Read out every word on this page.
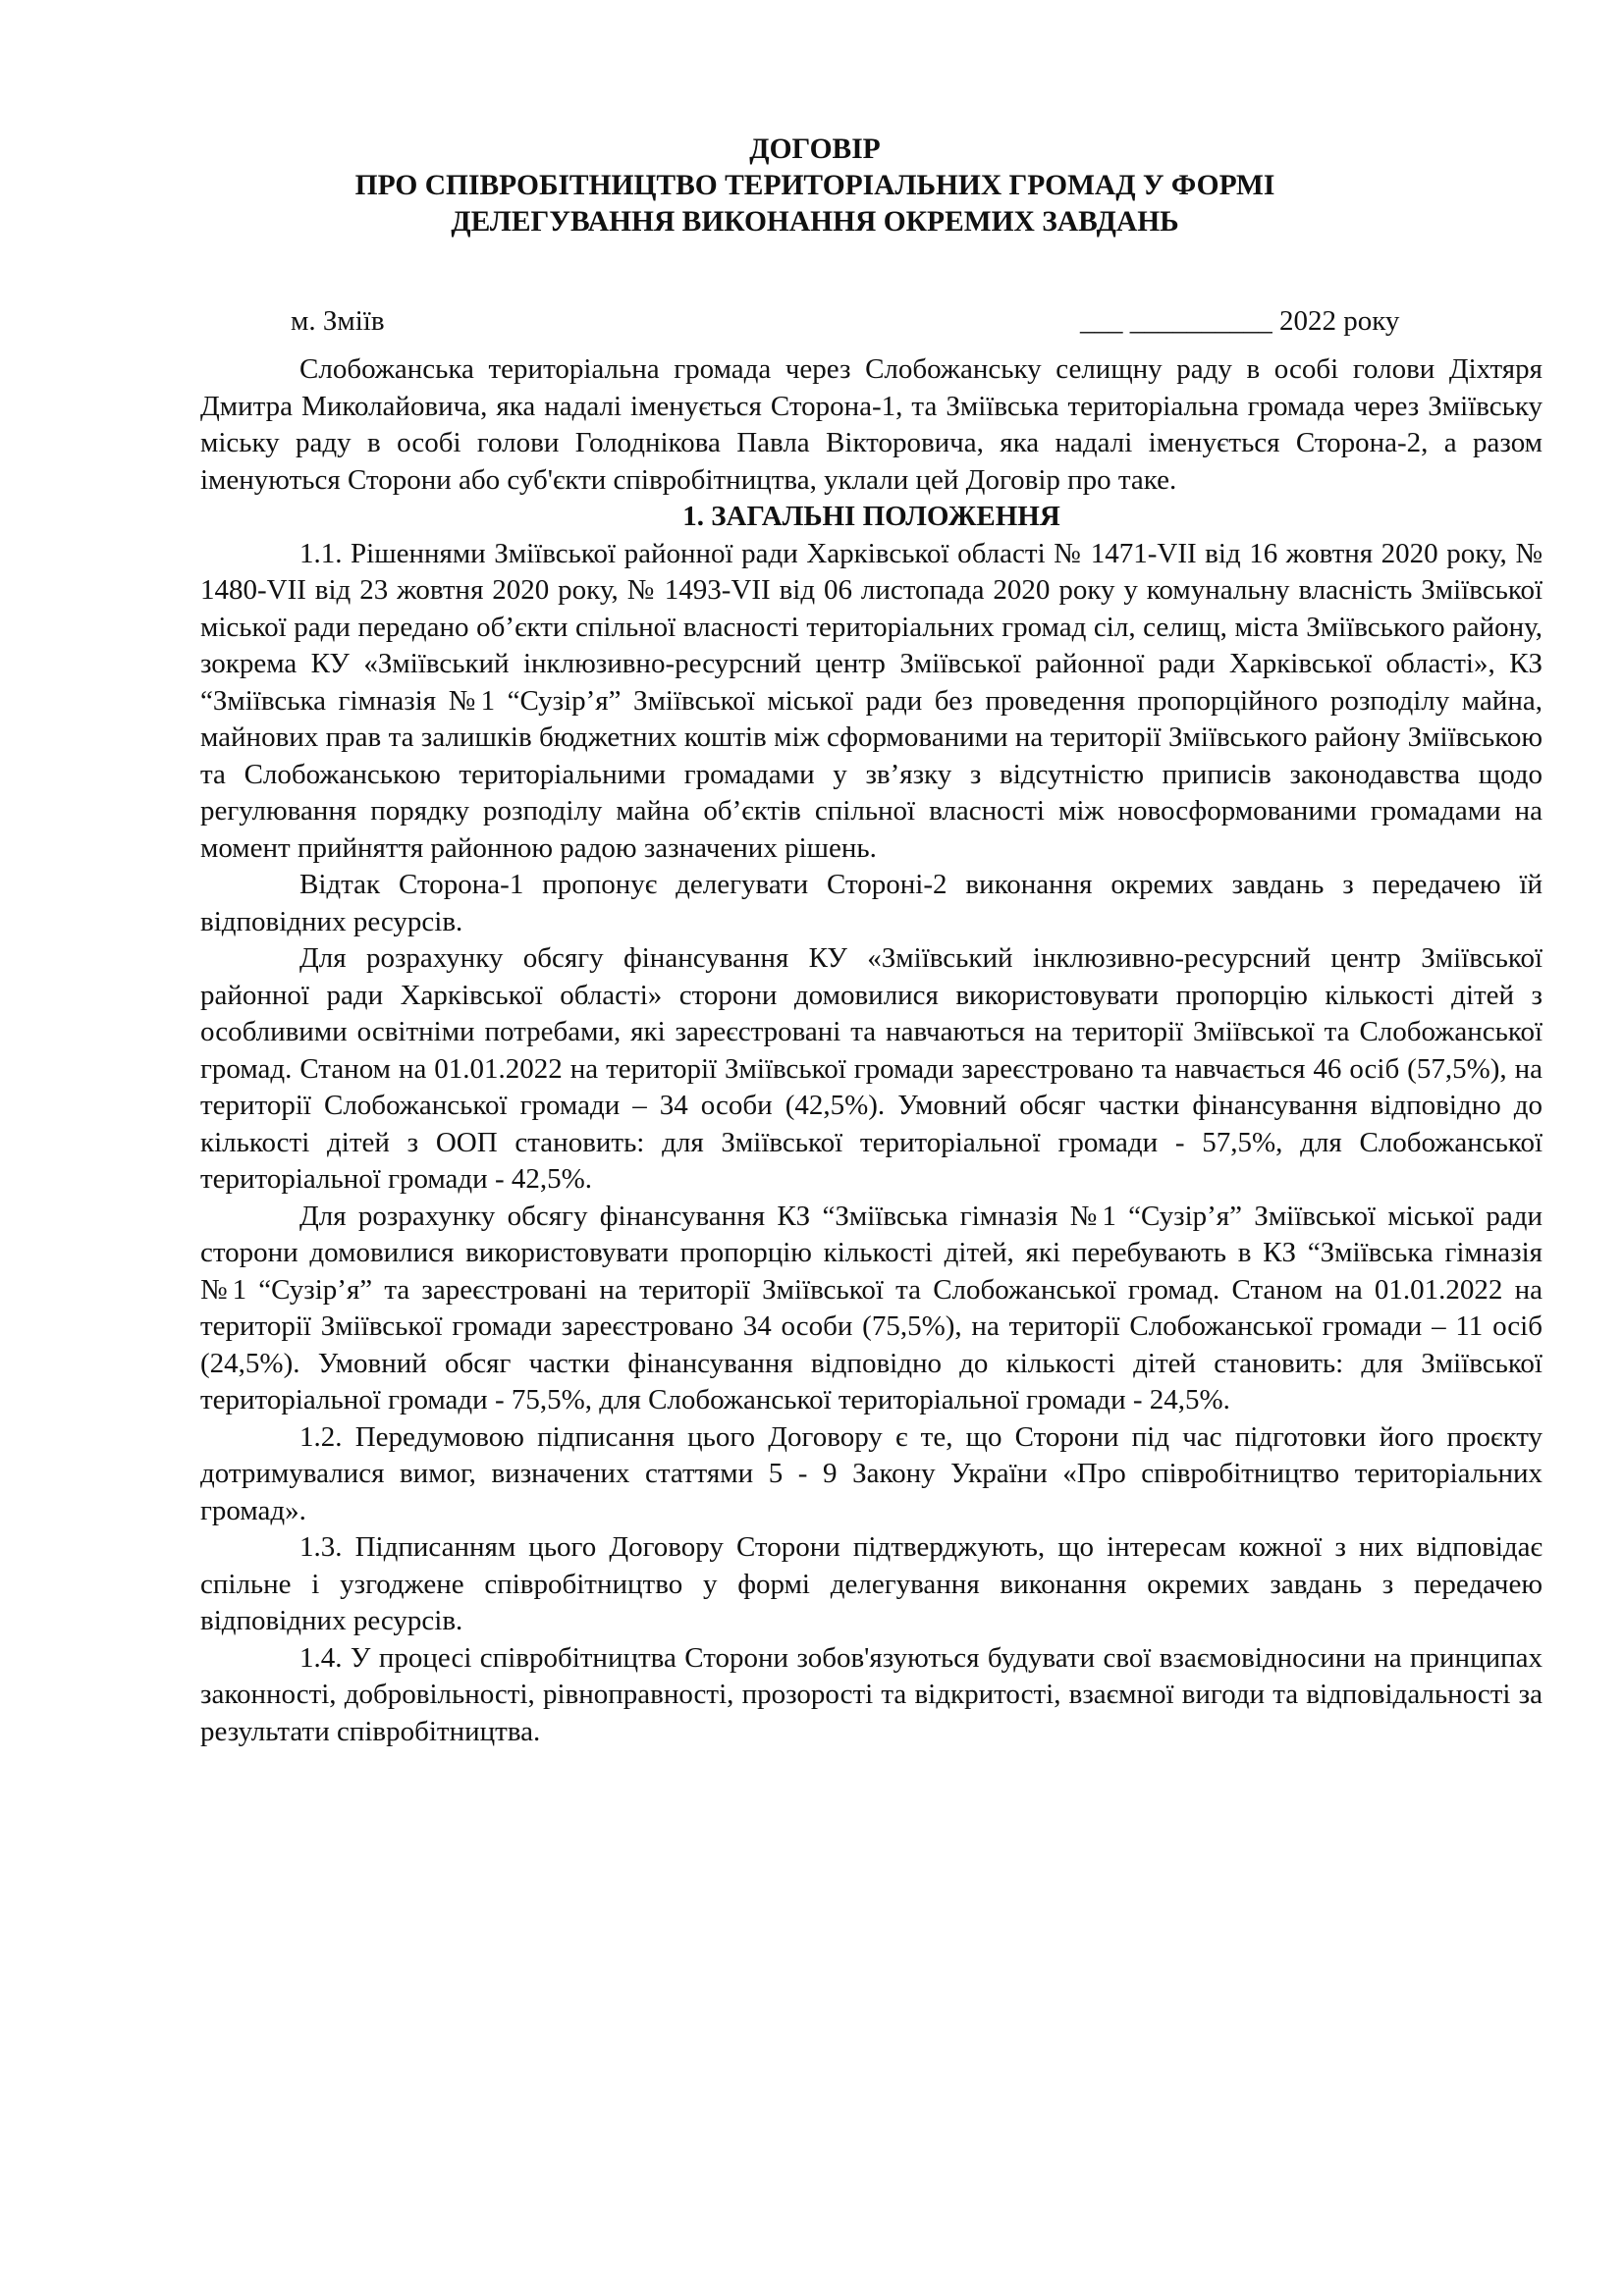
ДОГОВІР
ПРО СПІВРОБІТНИЦТВО ТЕРИТОРІАЛЬНИХ ГРОМАД У ФОРМІ
ДЕЛЕГУВАННЯ ВИКОНАННЯ ОКРЕМИХ ЗАВДАНЬ
м. Зміїв	___ __________ 2022 року

Слобожанська територіальна громада через Слобожанську селищну раду в особі голови Діхтяря Дмитра Миколайовича, яка надалі іменується Сторона-1, та Зміївська територіальна громада через Зміївську міську раду в особі голови Голоднікова Павла Вікторовича, яка надалі іменується Сторона-2, а разом іменуються Сторони або суб'єкти співробітництва, уклали цей Договір про таке.

1. ЗАГАЛЬНІ ПОЛОЖЕННЯ

1.1. Рішеннями Зміївської районної ради Харківської області № 1471-VII від 16 жовтня 2020 року, № 1480-VII від 23 жовтня 2020 року, № 1493-VII від 06 листопада 2020 року у комунальну власність Зміївської міської ради передано об’єкти спільної власності територіальних громад сіл, селищ, міста Зміївського району, зокрема КУ «Зміївський інклюзивно-ресурсний центр Зміївської районної ради Харківської області», КЗ “Зміївська гімназія №1 “Сузір’я” Зміївської міської ради без проведення пропорційного розподілу майна, майнових прав та залишків бюджетних коштів між сформованими на території Зміївського району Зміївською та Слобожанською територіальними громадами у зв’язку з відсутністю приписів законодавства щодо регулювання порядку розподілу майна об’єктів спільної власності між новосформованими громадами на момент прийняття районною радою зазначених рішень.

Відтак Сторона-1 пропонує делегувати Стороні-2 виконання окремих завдань з передачею їй відповідних ресурсів.

Для розрахунку обсягу фінансування КУ «Зміївський інклюзивно-ресурсний центр Зміївської районної ради Харківської області» сторони домовилися використовувати пропорцію кількості дітей з особливими освітніми потребами, які зареєстровані та навчаються на території Зміївської та Слобожанської громад. Станом на 01.01.2022 на території Зміївської громади зареєстровано та навчається 46 осіб (57,5%), на території Слобожанської громади – 34 особи (42,5%). Умовний обсяг частки фінансування відповідно до кількості дітей з ООП становить: для Зміївської територіальної громади - 57,5%, для Слобожанської територіальної громади - 42,5%.

Для розрахунку обсягу фінансування КЗ “Зміївська гімназія №1 “Сузір’я” Зміївської міської ради сторони домовилися використовувати пропорцію кількості дітей, які перебувають в КЗ “Зміївська гімназія №1 “Сузір’я” та зареєстровані на території Зміївської та Слобожанської громад. Станом на 01.01.2022 на території Зміївської громади зареєстровано 34 особи (75,5%), на території Слобожанської громади – 11 осіб (24,5%). Умовний обсяг частки фінансування відповідно до кількості дітей становить: для Зміївської територіальної громади - 75,5%, для Слобожанської територіальної громади - 24,5%.

1.2. Передумовою підписання цього Договору є те, що Сторони під час підготовки його проєкту дотримувалися вимог, визначених статтями 5 - 9 Закону України «Про співробітництво територіальних громад».

1.3. Підписанням цього Договору Сторони підтверджують, що інтересам кожної з них відповідає спільне і узгоджене співробітництво у формі делегування виконання окремих завдань з передачею відповідних ресурсів.

1.4. У процесі співробітництва Сторони зобов'язуються будувати свої взаємовідносини на принципах законності, добровільності, рівноправності, прозорості та відкритості, взаємної вигоди та відповідальності за результати співробітництва.
